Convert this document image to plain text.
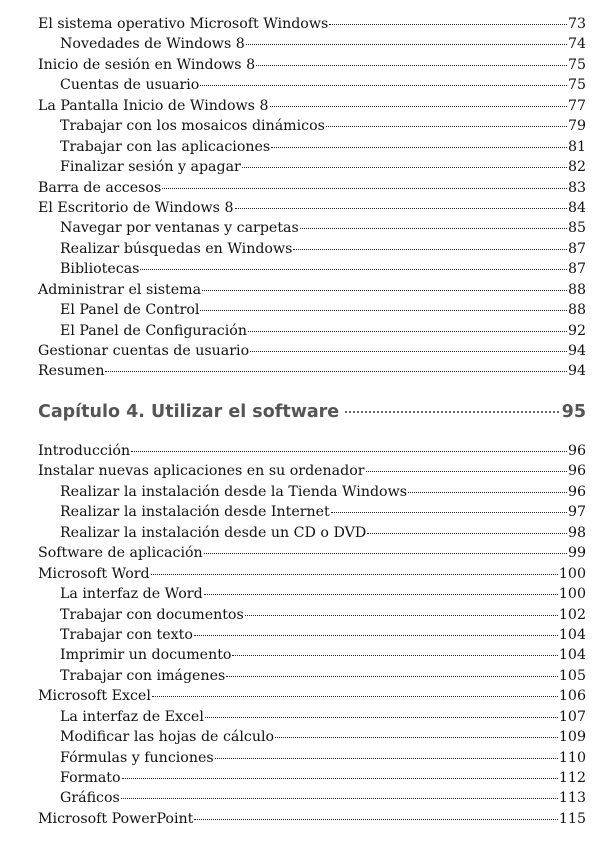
El sistema operativo Microsoft Windows	73
Novedades de Windows 8	74
Inicio de sesión en Windows 8	75
Cuentas de usuario	75
La Pantalla Inicio de Windows 8	77
Trabajar con los mosaicos dinámicos	79
Trabajar con las aplicaciones	81
Finalizar sesión y apagar	82
Barra de accesos	83
El Escritorio de Windows 8	84
Navegar por ventanas y carpetas	85
Realizar búsquedas en Windows	87
Bibliotecas	87
Administrar el sistema	88
El Panel de Control	88
El Panel de Configuración	92
Gestionar cuentas de usuario	94
Resumen	94
Capítulo 4. Utilizar el software	95
Introducción	96
Instalar nuevas aplicaciones en su ordenador	96
Realizar la instalación desde la Tienda Windows	96
Realizar la instalación desde Internet	97
Realizar la instalación desde un CD o DVD	98
Software de aplicación	99
Microsoft Word	100
La interfaz de Word	100
Trabajar con documentos	102
Trabajar con texto	104
Imprimir un documento	104
Trabajar con imágenes	105
Microsoft Excel	106
La interfaz de Excel	107
Modificar las hojas de cálculo	109
Fórmulas y funciones	110
Formato	112
Gráficos	113
Microsoft PowerPoint	115
